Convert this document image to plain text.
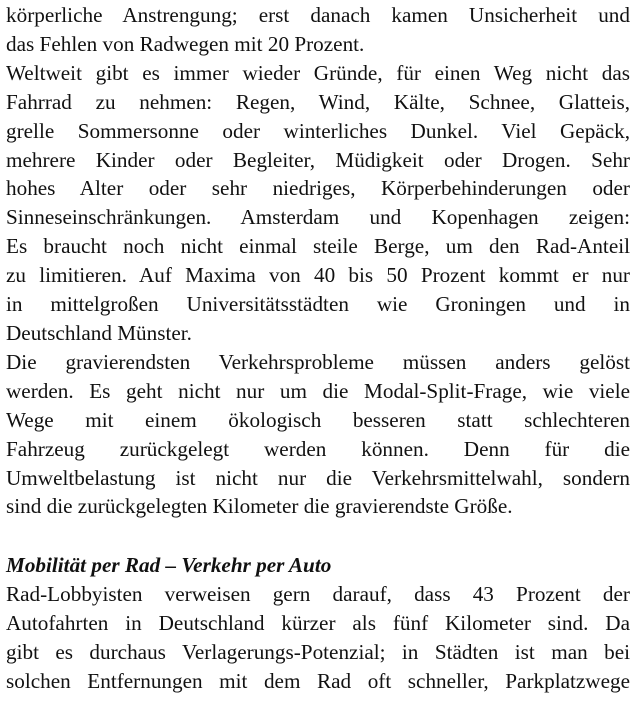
körperliche Anstrengung; erst danach kamen Unsicherheit und
das Fehlen von Radwegen mit 20 Prozent.

Weltweit gibt es immer wieder Gründe, für einen Weg nicht das
Fahrrad zu nehmen: Regen, Wind, Kälte, Schnee, Glatteis,
grelle Sommersonne oder winterliches Dunkel. Viel Gepäck,
mehrere Kinder oder Begleiter, Müdigkeit oder Drogen. Sehr
hohes Alter oder sehr niedriges, Körperbehinderungen oder
Sinneseinschränkungen. Amsterdam und Kopenhagen zeigen:
Es braucht noch nicht einmal steile Berge, um den Rad-Anteil
zu limitieren. Auf Maxima von 40 bis 50 Prozent kommt er nur
in mittelgroßen Universitätsstädten wie Groningen und in
Deutschland Münster.

Die gravierendsten Verkehrsprobleme müssen anders gelöst
werden. Es geht nicht nur um die Modal-Split-Frage, wie viele
Wege mit einem ökologisch besseren statt schlechteren
Fahrzeug zurückgelegt werden können. Denn für die
Umweltbelastung ist nicht nur die Verkehrsmittelwahl, sondern
sind die zurückgelegten Kilometer die gravierendste Größe.

Mobilität per Rad – Verkehr per Auto

Rad-Lobbyisten verweisen gern darauf, dass 43 Prozent der
Autofahrten in Deutschland kürzer als fünf Kilometer sind. Da
gibt es durchaus Verlagerungs-Potenzial; in Städten ist man bei
solchen Entfernungen mit dem Rad oft schneller, Parkplatzwege
